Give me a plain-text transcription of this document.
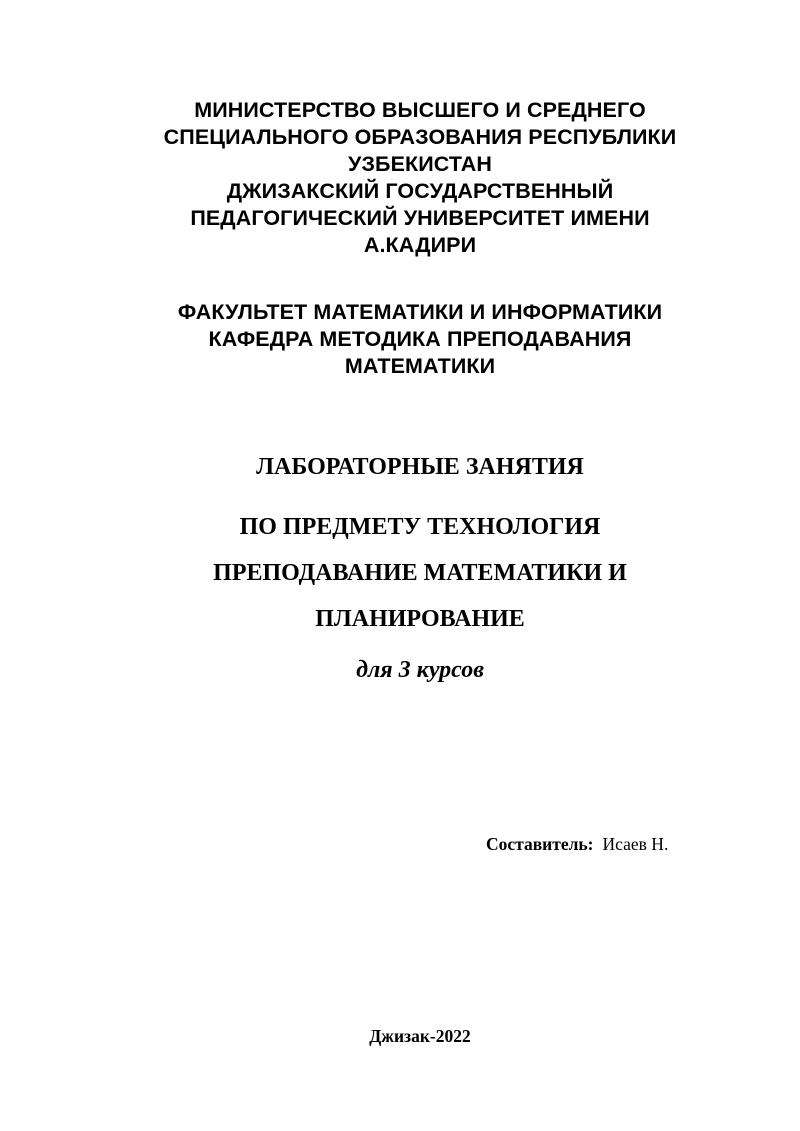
МИНИСТЕРСТВО ВЫСШЕГО И СРЕДНЕГО
СПЕЦИАЛЬНОГО ОБРАЗОВАНИЯ РЕСПУБЛИКИ
УЗБЕКИСТАН
ДЖИЗАКСКИЙ ГОСУДАРСТВЕННЫЙ
ПЕДАГОГИЧЕСКИЙ УНИВЕРСИТЕТ ИМЕНИ
А.КАДИРИ
ФАКУЛЬТЕТ МАТЕМАТИКИ И ИНФОРМАТИКИ
КАФЕДРА МЕТОДИКА ПРЕПОДАВАНИЯ
МАТЕМАТИКИ
ЛАБОРАТОРНЫЕ ЗАНЯТИЯ
ПО ПРЕДМЕТУ ТЕХНОЛОГИЯ
ПРЕПОДАВАНИЕ МАТЕМАТИКИ И
ПЛАНИРОВАНИЕ
для 3 курсов
Составитель: Исаев Н.
Джизак-2022
